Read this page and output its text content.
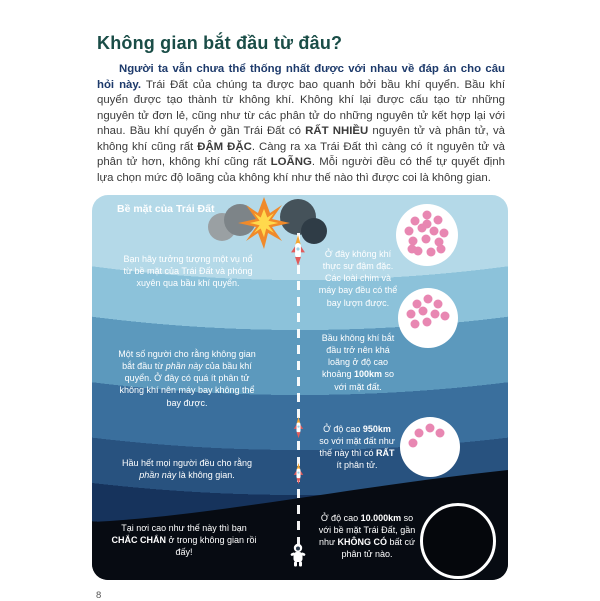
Không gian bắt đầu từ đâu?

Người ta vẫn chưa thể thống nhất được với nhau về đáp án cho câu hỏi này. Trái Đất của chúng ta được bao quanh bởi bầu khí quyển. Bầu khí quyển được tạo thành từ không khí. Không khí lại được cấu tạo từ những nguyên tử đơn lẻ, cũng như từ các phân tử do những nguyên tử kết hợp lại với nhau. Bầu khí quyển ở gần Trái Đất có RẤT NHIỀU nguyên tử và phân tử, và không khí cũng rất ĐẬM ĐẶC. Càng ra xa Trái Đất thì càng có ít nguyên tử và phân tử hơn, không khí cũng rất LOÃNG. Mỗi người đều có thể tự quyết định lựa chọn mức độ loãng của không khí như thế nào thì được coi là không gian.

Bề mặt của Trái Đất
Bạn hãy tưởng tượng một vụ nổ từ bề mặt của Trái Đất và phóng xuyên qua bầu khí quyển.
Một số người cho rằng không gian bắt đầu từ phần này của bầu khí quyển. Ở đây có quá ít phân tử không khí nên máy bay không thể bay được.
Hầu hết mọi người đều cho rằng phần này là không gian.
Tại nơi cao như thế này thì bạn CHẮC CHẮN ở trong không gian rồi đấy!
Ở đây không khí thực sự đậm đặc. Các loài chim và máy bay đều có thể bay lượn được.
Bầu không khí bắt đầu trở nên khá loãng ở độ cao khoảng 100km so với mặt đất.
Ở độ cao 950km so với mặt đất như thế này thì có RẤT ít phân tử.
Ở độ cao 10.000km so với bề mặt Trái Đất, gần như KHÔNG CÓ bất cứ phân tử nào.
8
